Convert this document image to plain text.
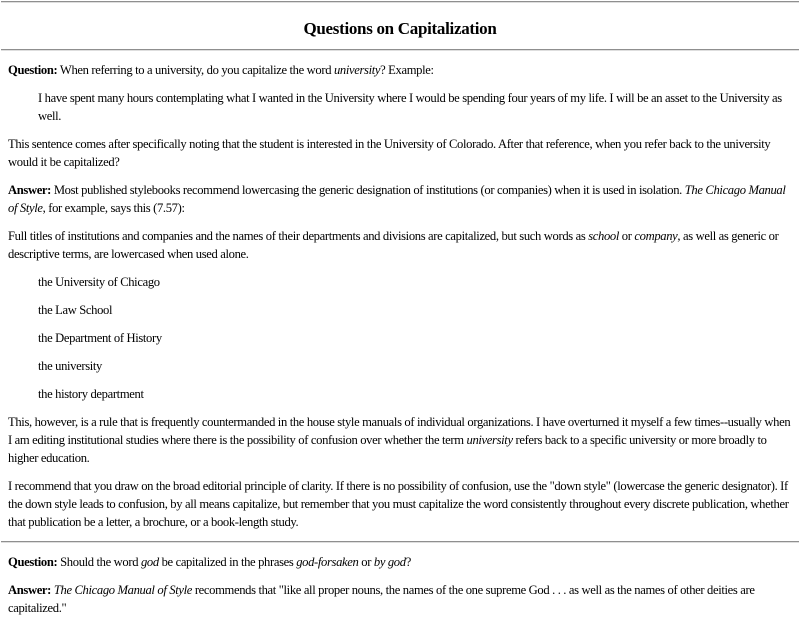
Questions on Capitalization

Question: When referring to a university, do you capitalize the word university? Example:

I have spent many hours contemplating what I wanted in the University where I would be spending four years of my life. I will be an asset to the University as well.

This sentence comes after specifically noting that the student is interested in the University of Colorado. After that reference, when you refer back to the university would it be capitalized?

Answer: Most published stylebooks recommend lowercasing the generic designation of institutions (or companies) when it is used in isolation. The Chicago Manual of Style, for example, says this (7.57):

Full titles of institutions and companies and the names of their departments and divisions are capitalized, but such words as school or company, as well as generic or descriptive terms, are lowercased when used alone.

the University of Chicago

the Law School

the Department of History

the university

the history department

This, however, is a rule that is frequently countermanded in the house style manuals of individual organizations. I have overturned it myself a few times--usually when I am editing institutional studies where there is the possibility of confusion over whether the term university refers back to a specific university or more broadly to higher education.

I recommend that you draw on the broad editorial principle of clarity. If there is no possibility of confusion, use the "down style" (lowercase the generic designator). If the down style leads to confusion, by all means capitalize, but remember that you must capitalize the word consistently throughout every discrete publication, whether that publication be a letter, a brochure, or a book-length study.

Question: Should the word god be capitalized in the phrases god-forsaken or by god?

Answer: The Chicago Manual of Style recommends that "like all proper nouns, the names of the one supreme God . . . as well as the names of other deities are capitalized."
